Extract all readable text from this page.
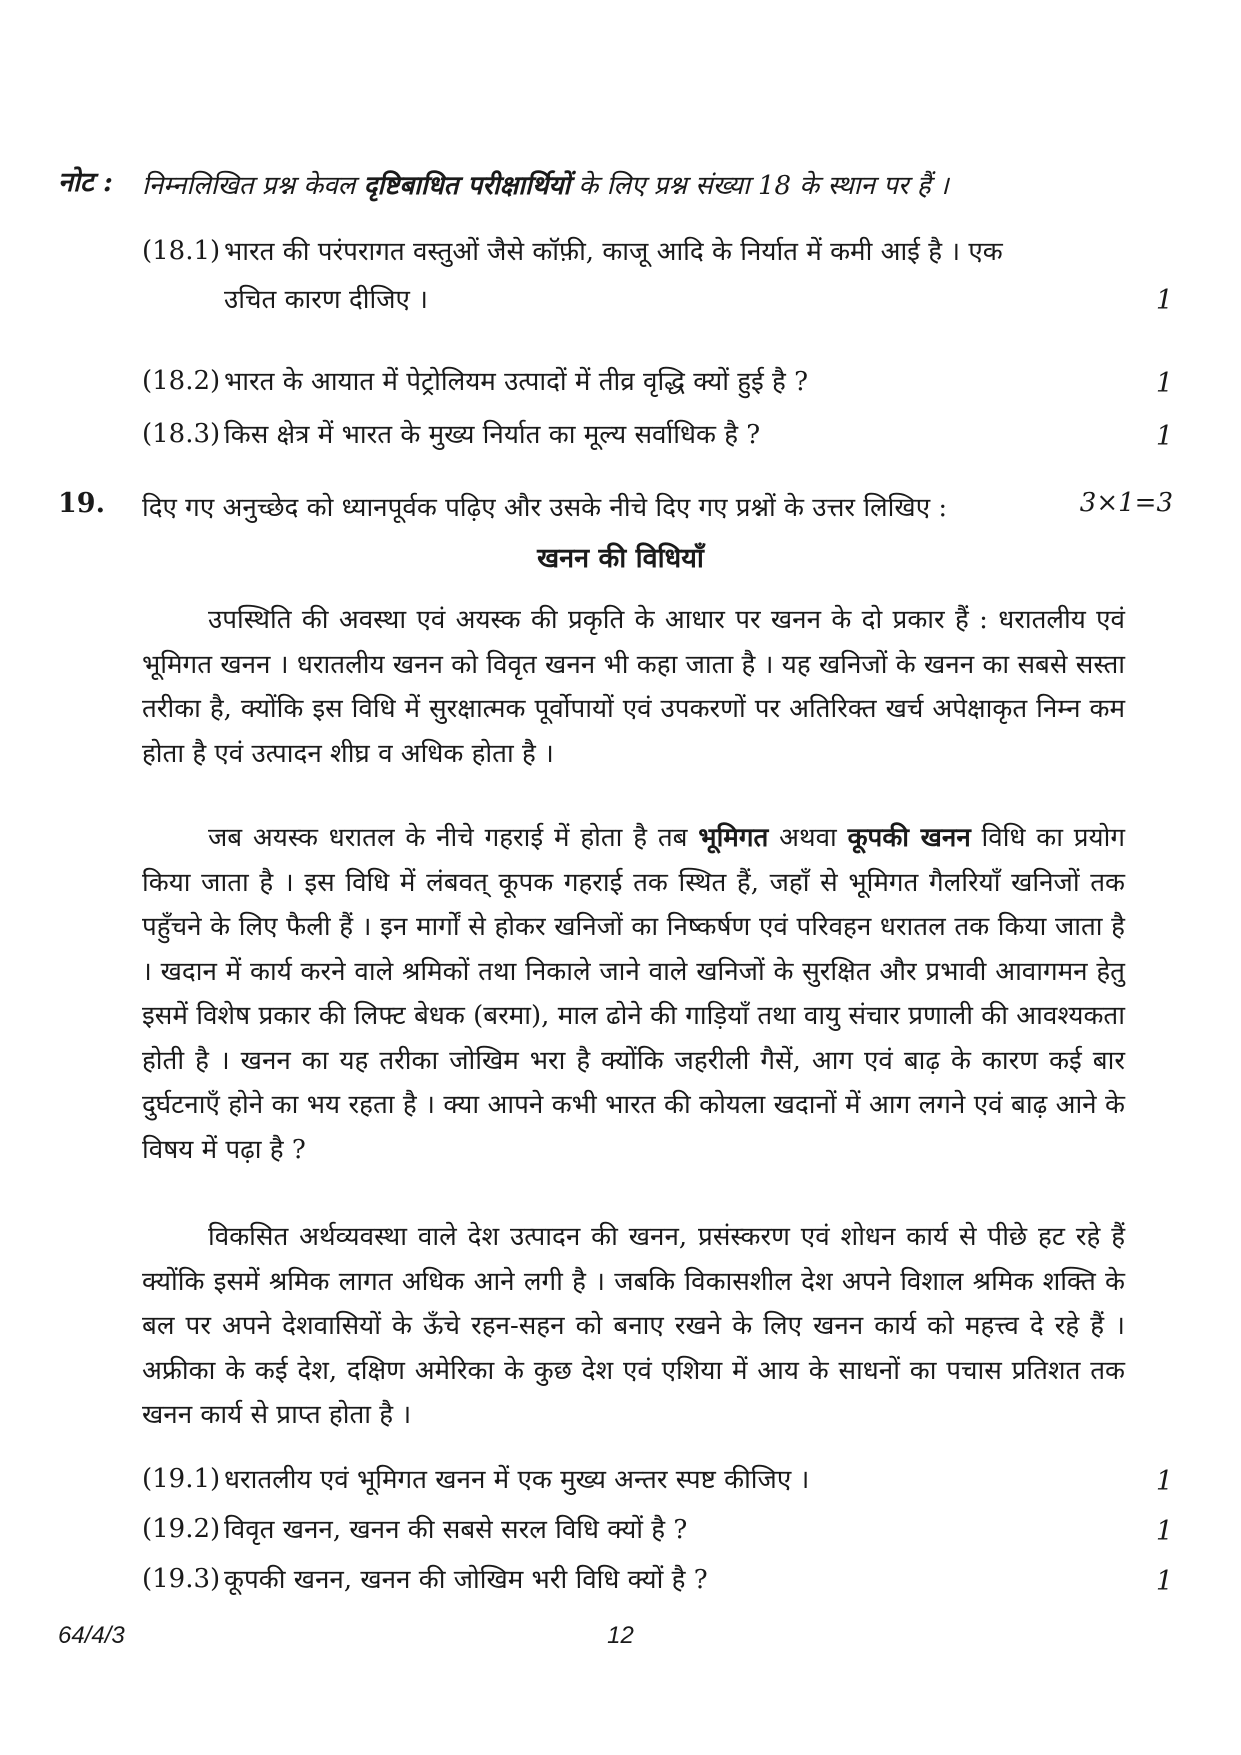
नोट : निम्नलिखित प्रश्न केवल दृष्टिबाधित परीक्षार्थियों के लिए प्रश्न संख्या 18 के स्थान पर हैं ।
(18.1) भारत की परंपरागत वस्तुओं जैसे कॉफ़ी, काजू आदि के निर्यात में कमी आई है । एक
उचित कारण दीजिए ।	1
(18.2) भारत के आयात में पेट्रोलियम उत्पादों में तीव्र वृद्धि क्यों हुई है ?	1
(18.3) किस क्षेत्र में भारत के मुख्य निर्यात का मूल्य सर्वाधिक है ?	1
19. दिए गए अनुच्छेद को ध्यानपूर्वक पढ़िए और उसके नीचे दिए गए प्रश्नों के उत्तर लिखिए :	3×1=3
खनन की विधियाँ
उपस्थिति की अवस्था एवं अयस्क की प्रकृति के आधार पर खनन के दो प्रकार हैं : धरातलीय एवं भूमिगत खनन । धरातलीय खनन को विवृत खनन भी कहा जाता है । यह खनिजों के खनन का सबसे सस्ता तरीका है, क्योंकि इस विधि में सुरक्षात्मक पूर्वोपायों एवं उपकरणों पर अतिरिक्त खर्च अपेक्षाकृत निम्न कम होता है एवं उत्पादन शीघ्र व अधिक होता है ।
जब अयस्क धरातल के नीचे गहराई में होता है तब भूमिगत अथवा कूपकी खनन विधि का प्रयोग किया जाता है । इस विधि में लंबवत् कूपक गहराई तक स्थित हैं, जहाँ से भूमिगत गैलरियाँ खनिजों तक पहुँचने के लिए फैली हैं । इन मार्गों से होकर खनिजों का निष्कर्षण एवं परिवहन धरातल तक किया जाता है । खदान में कार्य करने वाले श्रमिकों तथा निकाले जाने वाले खनिजों के सुरक्षित और प्रभावी आवागमन हेतु इसमें विशेष प्रकार की लिफ्ट बेधक (बरमा), माल ढोने की गाड़ियाँ तथा वायु संचार प्रणाली की आवश्यकता होती है । खनन का यह तरीका जोखिम भरा है क्योंकि जहरीली गैसें, आग एवं बाढ़ के कारण कई बार दुर्घटनाएँ होने का भय रहता है । क्या आपने कभी भारत की कोयला खदानों में आग लगने एवं बाढ़ आने के विषय में पढ़ा है ?
विकसित अर्थव्यवस्था वाले देश उत्पादन की खनन, प्रसंस्करण एवं शोधन कार्य से पीछे हट रहे हैं क्योंकि इसमें श्रमिक लागत अधिक आने लगी है । जबकि विकासशील देश अपने विशाल श्रमिक शक्ति के बल पर अपने देशवासियों के ऊँचे रहन-सहन को बनाए रखने के लिए खनन कार्य को महत्त्व दे रहे हैं । अफ्रीका के कई देश, दक्षिण अमेरिका के कुछ देश एवं एशिया में आय के साधनों का पचास प्रतिशत तक खनन कार्य से प्राप्त होता है ।
(19.1) धरातलीय एवं भूमिगत खनन में एक मुख्य अन्तर स्पष्ट कीजिए ।	1
(19.2) विवृत खनन, खनन की सबसे सरल विधि क्यों है ?	1
(19.3) कूपकी खनन, खनन की जोखिम भरी विधि क्यों है ?	1
64/4/3	12
